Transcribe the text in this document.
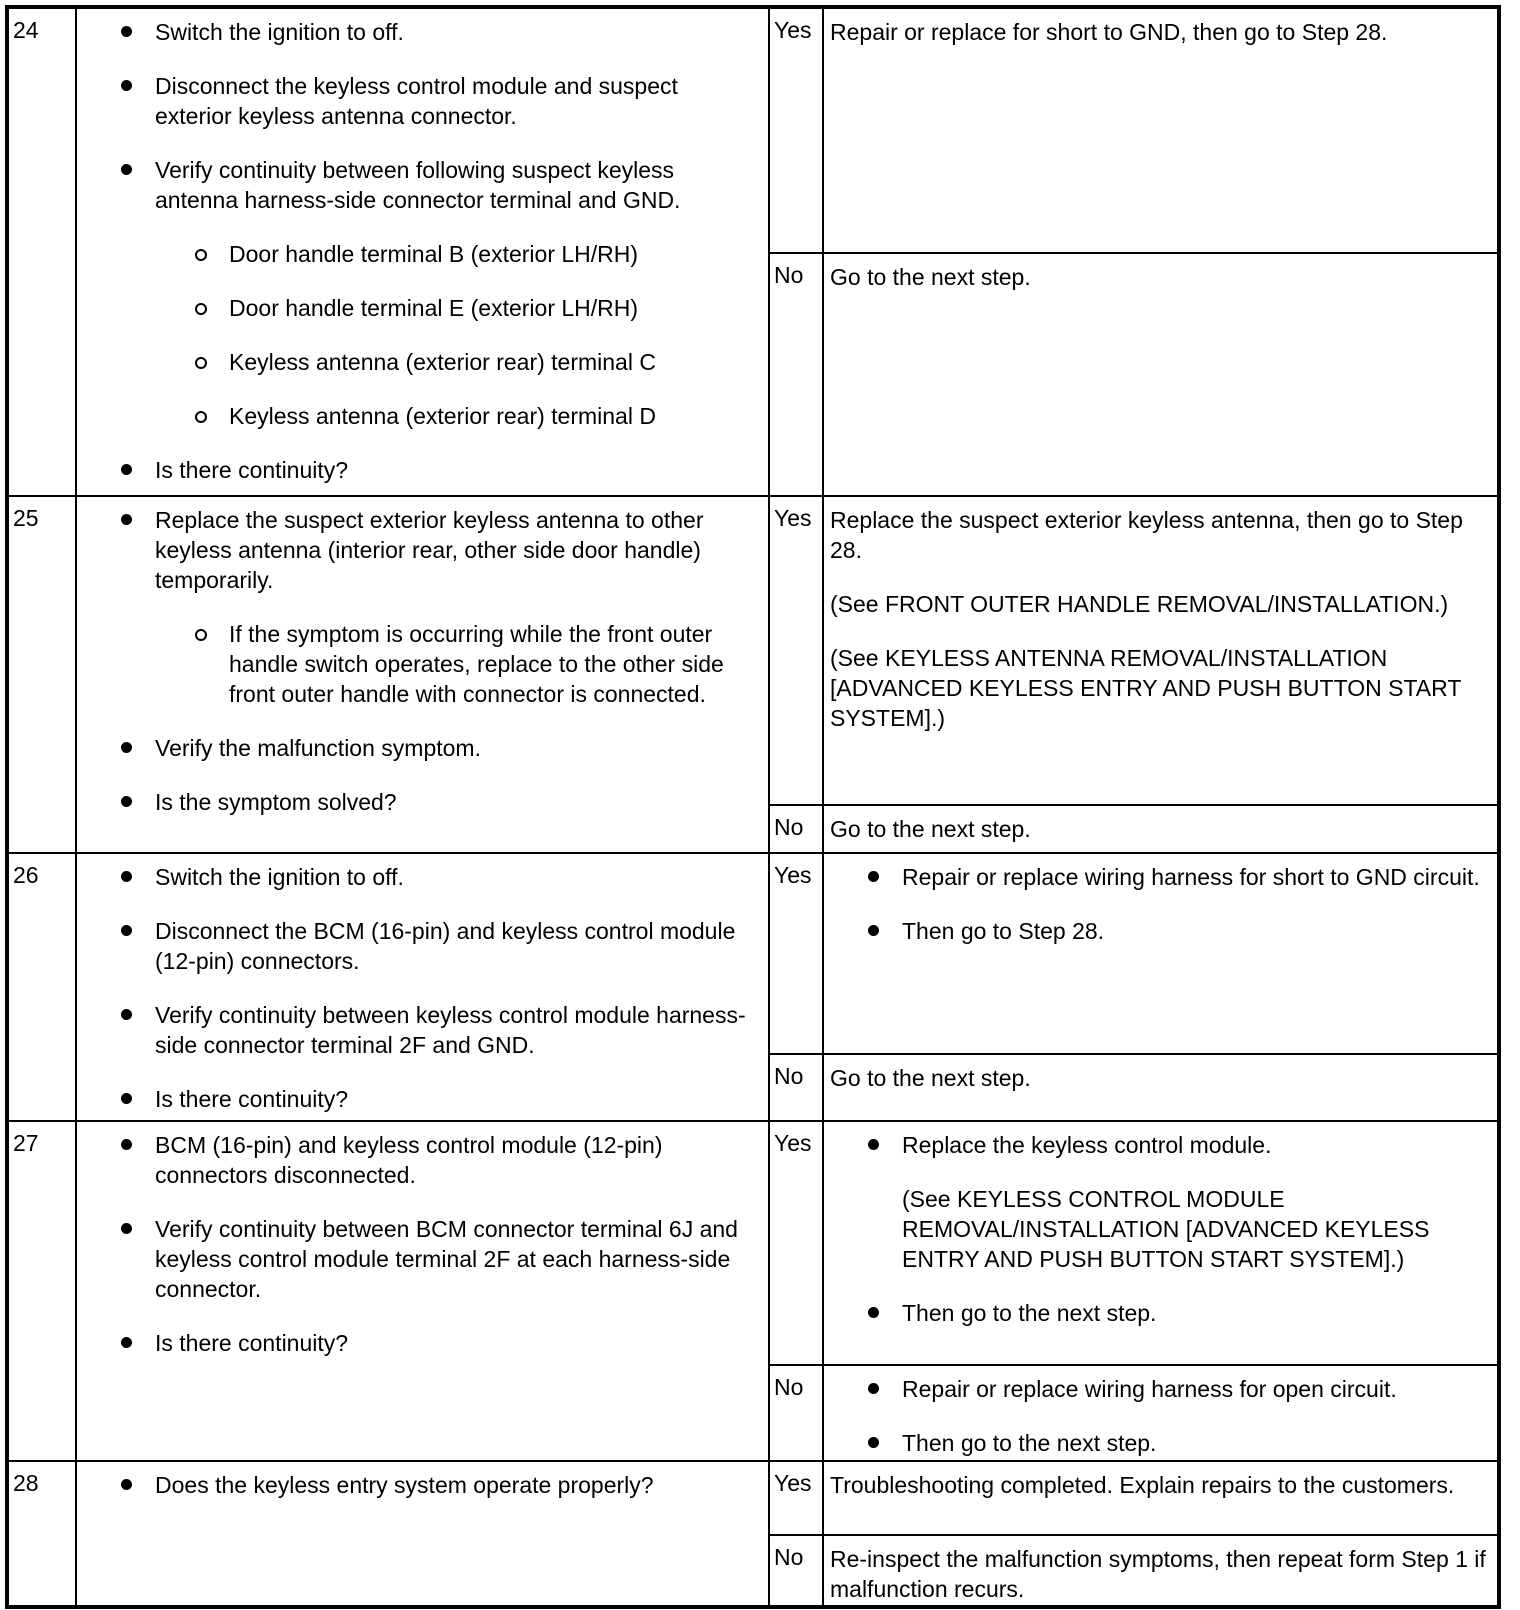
24	Switch the ignition to off.
Disconnect the keyless control module and suspect exterior keyless antenna connector.
Verify continuity between following suspect keyless antenna harness-side connector terminal and GND.
Door handle terminal B (exterior LH/RH)
Door handle terminal E (exterior LH/RH)
Keyless antenna (exterior rear) terminal C
Keyless antenna (exterior rear) terminal D
Is there continuity?
Yes Repair or replace for short to GND, then go to Step 28.

No	Go to the next step.

25	Replace the suspect exterior keyless antenna to other keyless antenna (interior rear, other side door handle) temporarily.
If the symptom is occurring while the front outer handle switch operates, replace to the other side front outer handle with connector is connected.
Verify the malfunction symptom.
Is the symptom solved?
Yes Replace the suspect exterior keyless antenna, then go to Step 28.

(See FRONT OUTER HANDLE REMOVAL/INSTALLATION.)

(See KEYLESS ANTENNA REMOVAL/INSTALLATION [ADVANCED KEYLESS ENTRY AND PUSH BUTTON START SYSTEM].)

No	Go to the next step.

26	Switch the ignition to off.
Disconnect the BCM (16-pin) and keyless control module (12-pin) connectors.
Verify continuity between keyless control module harness-side connector terminal 2F and GND.
Is there continuity?
Yes	Repair or replace wiring harness for short to GND circuit.
Then go to Step 28.
No	Go to the next step.

27	BCM (16-pin) and keyless control module (12-pin) connectors disconnected.
Verify continuity between BCM connector terminal 6J and keyless control module terminal 2F at each harness-side connector.
Is there continuity?
Yes	Replace the keyless control module.
(See KEYLESS CONTROL MODULE REMOVAL/INSTALLATION [ADVANCED KEYLESS ENTRY AND PUSH BUTTON START SYSTEM].)
Then go to the next step.
No	Repair or replace wiring harness for open circuit.
Then go to the next step.
28	Does the keyless entry system operate properly?	Yes Troubleshooting completed. Explain repairs to the customers.

No	Re-inspect the malfunction symptoms, then repeat form Step 1 if malfunction recurs.
